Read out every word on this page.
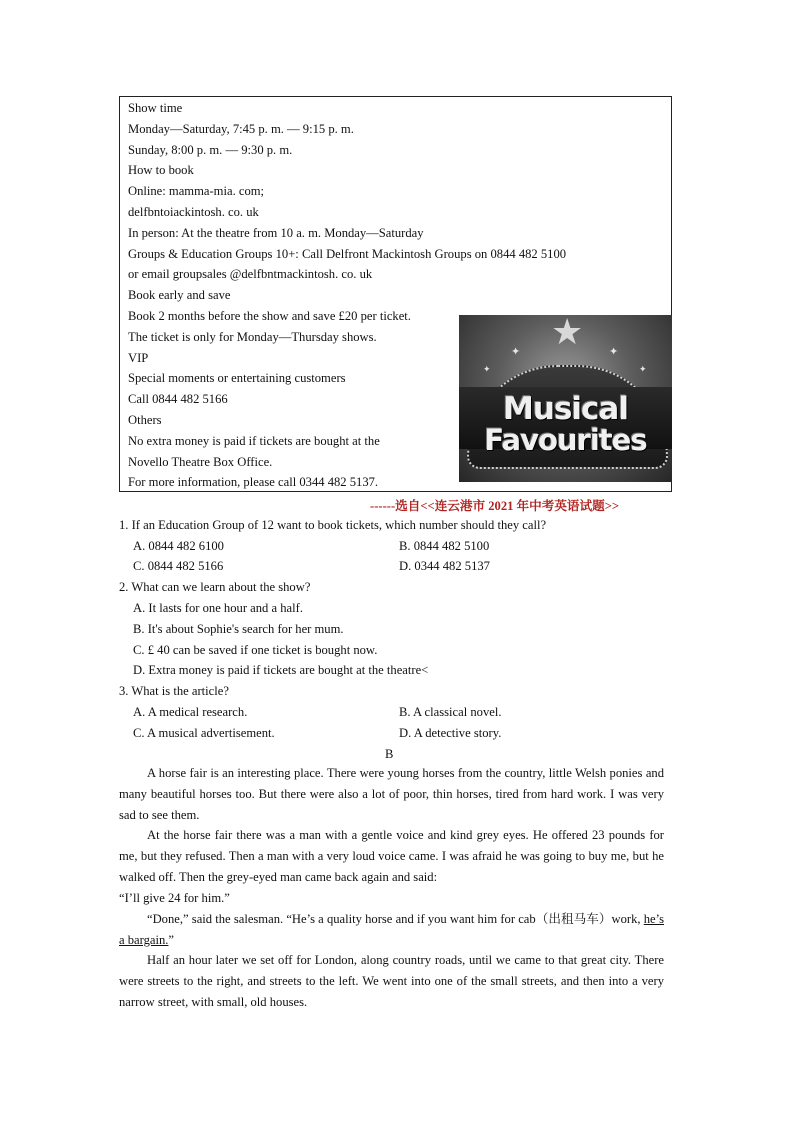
Show time
Monday—Saturday, 7:45 p. m. — 9:15 p. m.
Sunday, 8:00 p. m. — 9:30 p. m.
How to book
Online: mamma-mia. com;
delfbntoiackintosh. co. uk
In person: At the theatre from 10 a. m. Monday—Saturday
Groups & Education Groups 10+: Call Delfront Mackintosh Groups on 0844 482 5100
or email groupsales @delfbntmackintosh. co. uk
Book early and save
Book 2 months before the show and save £20 per ticket.
The ticket is only for Monday—Thursday shows.
VIP
Special moments or entertaining customers
Call 0844 482 5166
Others
No extra money is paid if tickets are bought at the
Novello Theatre Box Office.
For more information, please call 0344 482 5137.
★
✦	✦
✦	✦
Musical
Favourites
------选自<<连云港市 2021 年中考英语试题>>
1. If an Education Group of 12 want to book tickets, which number should they call?
A. 0844 482 6100	B. 0844 482 5100
C. 0844 482 5166	D. 0344 482 5137
2. What can we learn about the show?
A. It lasts for one hour and a half.
B. It's about Sophie's search for her mum.
C. £ 40 can be saved if one ticket is bought now.
D. Extra money is paid if tickets are bought at the theatre<
3. What is the article?
A. A medical research.	B. A classical novel.
C. A musical advertisement.	D. A detective story.
B
A horse fair is an interesting place. There were young horses from the country, little Welsh ponies and many beautiful horses too. But there were also a lot of poor, thin horses, tired from hard work. I was very sad to see them.
At the horse fair there was a man with a gentle voice and kind grey eyes. He offered 23 pounds for me, but they refused. Then a man with a very loud voice came. I was afraid he was going to buy me, but he walked off. Then the grey-eyed man came back again and said:
“I’ll give 24 for him.”
“Done,” said the salesman. “He’s a quality horse and if you want him for cab（出租马车）work, he’s a bargain.”
Half an hour later we set off for London, along country roads, until we came to that great city. There were streets to the right, and streets to the left. We went into one of the small streets, and then into a very narrow street, with small, old houses.
